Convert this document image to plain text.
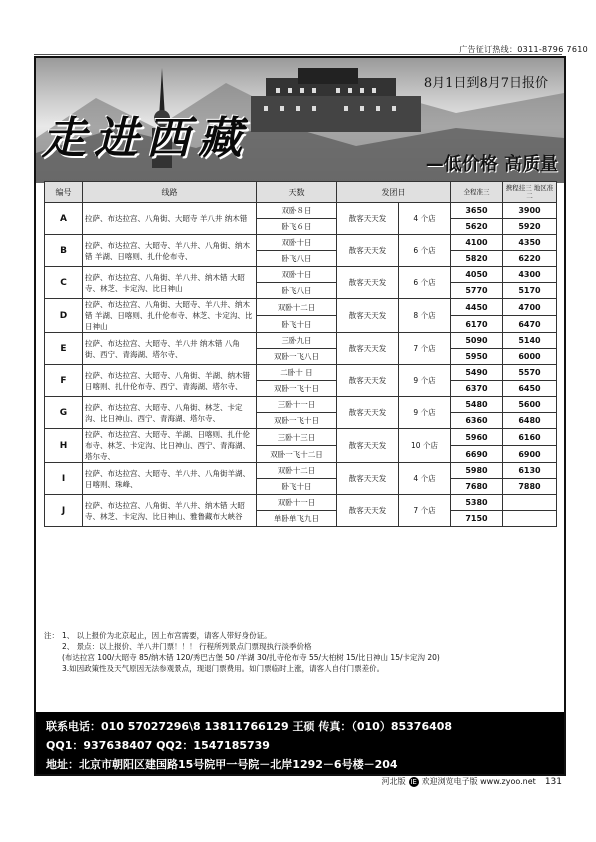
广告征订热线：0311-8796 7610
8月1日到8月7日报价
走进西藏
—低价格 高质量
编号	线路	天数	发团日		全程准三	携程挂三 地区准二
A	拉萨、布达拉宫、八角街、大昭寺 羊八井 纳木错	双卧８日	散客天天发	4 个店	3650	3900
		卧飞６日			5620	5920
B	拉萨、布达拉宫、大昭寺、羊八井、八角街、纳木错 羊湖、日喀则、扎什伦布寺、	双卧十日	散客天天发	6 个店	4100	4350
		卧飞八日			5820	6220
C	拉萨、布达拉宫、八角街、羊八井、纳木错 大昭寺、林芝、卡定沟、比日神山	双卧十日	散客天天发	6 个店	4050	4300
		卧飞八日			5770	5170
D	拉萨、布达拉宫、八角街、大昭寺、羊八井、纳木错 羊湖、日喀则、扎什伦布寺、林芝、卡定沟、比日神山	双卧十二日	散客天天发	8 个店	4450	4700
		卧飞十日			6170	6470
E	拉萨、布达拉宫、大昭寺、羊八井 纳木错 八角街、西宁、青海湖、塔尔寺、	三卧九日	散客天天发	7 个店	5090	5140
		双卧一飞八日			5950	6000
F	拉萨、布达拉宫、大昭寺、八角街、羊湖、纳木错 日喀则、扎什伦布寺、西宁、青海湖、塔尔寺、	二卧十 日	散客天天发	9 个店	5490	5570
		双卧一飞十日			6370	6450
G	拉萨、布达拉宫、大昭寺、八角街、林芝、卡定沟、比日神山、西宁、青海湖、塔尔寺、	三卧十一日	散客天天发	9 个店	5480	5600
		双卧一飞十日			6360	6480
H	拉萨、布达拉宫、大昭寺、羊湖、日喀则、扎什伦布寺、林芝、卡定沟、比日神山、西宁、青海湖、塔尔寺、	三卧十三日	散客天天发	10 个店	5960	6160
		双卧一飞十二日			6690	6900
I	拉萨、布达拉宫、大昭寺、羊八井、八角街羊湖、日喀则、珠峰、	双卧十二日	散客天天发	4 个店	5980	6130
		卧飞十日			7680	7880
J	拉萨、布达拉宫、八角街、羊八井、纳木错 大昭寺、林芝、卡定沟、比日神山、雅鲁藏布大峡谷	双卧十一日	散客天天发	7 个店	5380	
		单卧单飞九日			7150	
注： 1、 以上报价为北京起止，因上布宫需要，请客人带好身份证。
2、 景点：以上报价、羊八井门票！！！ 行程所列景点门票现执行淡季价格
(布达拉宫 100/大昭寺 85/纳木错 120/秀巴古堡 50 /羊湖 30/扎寺伦布寺 55/大柏树 15/比日神山 15/卡定沟 20)
3.如因政策性及天气原因无法参观景点，现退门票费用。如门票临时上涨，请客人自付门票差价。
联系电话：010 57027296\8 13811766129 王硕 传真：（010）85376408
QQ1：937638407 QQ2：1547185739
地址：北京市朝阳区建国路15号院甲一号院－北岸1292－6号楼－204
河北版 IE 欢迎浏览电子版 www.zyoo.net 131
